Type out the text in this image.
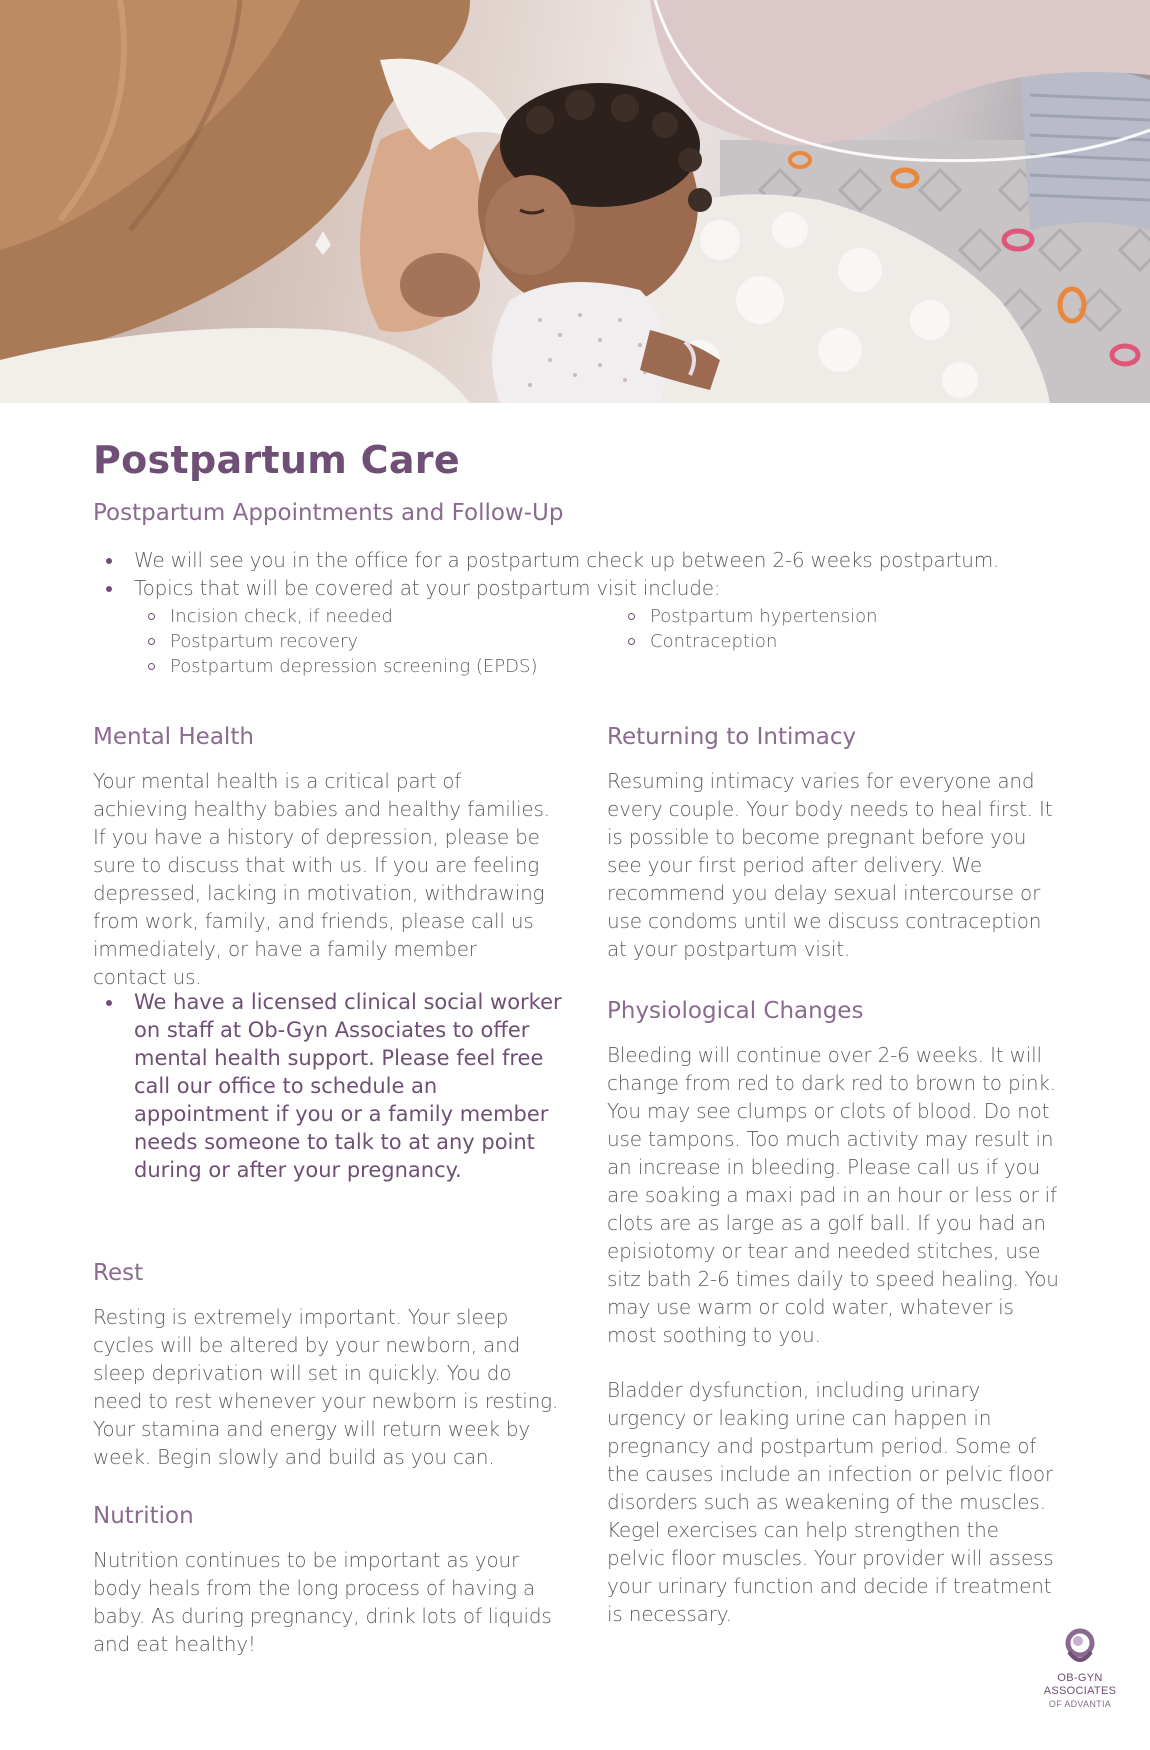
Postpartum Care
Postpartum Appointments and Follow-Up
We will see you in the office for a postpartum check up between 2-6 weeks postpartum.
Topics that will be covered at your postpartum visit include:
Incision check, if needed
Postpartum recovery
Postpartum depression screening (EPDS)
Postpartum hypertension
Contraception
Mental Health

Your mental health is a critical part of achieving healthy babies and healthy families. If you have a history of depression, please be sure to discuss that with us. If you are feeling depressed, lacking in motivation, withdrawing from work, family, and friends, please call us immediately, or have a family member contact us.

We have a licensed clinical social worker on staff at Ob-Gyn Associates to offer mental health support. Please feel free call our office to schedule an appointment if you or a family member needs someone to talk to at any point during or after your pregnancy.
Rest

Resting is extremely important. Your sleep cycles will be altered by your newborn, and sleep deprivation will set in quickly. You do need to rest whenever your newborn is resting. Your stamina and energy will return week by week. Begin slowly and build as you can.

Nutrition

Nutrition continues to be important as your body heals from the long process of having a baby. As during pregnancy, drink lots of liquids and eat healthy!

Returning to Intimacy

Resuming intimacy varies for everyone and every couple. Your body needs to heal first. It is possible to become pregnant before you see your first period after delivery. We recommend you delay sexual intercourse or use condoms until we discuss contraception at your postpartum visit.

Physiological Changes

Bleeding will continue over 2-6 weeks. It will change from red to dark red to brown to pink. You may see clumps or clots of blood. Do not use tampons. Too much activity may result in an increase in bleeding. Please call us if you are soaking a maxi pad in an hour or less or if clots are as large as a golf ball. If you had an episiotomy or tear and needed stitches, use sitz bath 2-6 times daily to speed healing. You may use warm or cold water, whatever is most soothing to you.

Bladder dysfunction, including urinary urgency or leaking urine can happen in pregnancy and postpartum period. Some of the causes include an infection or pelvic floor disorders such as weakening of the muscles. Kegel exercises can help strengthen the pelvic floor muscles. Your provider will assess your urinary function and decide if treatment is necessary.

OB-GYN
ASSOCIATES
OF ADVANTIA
